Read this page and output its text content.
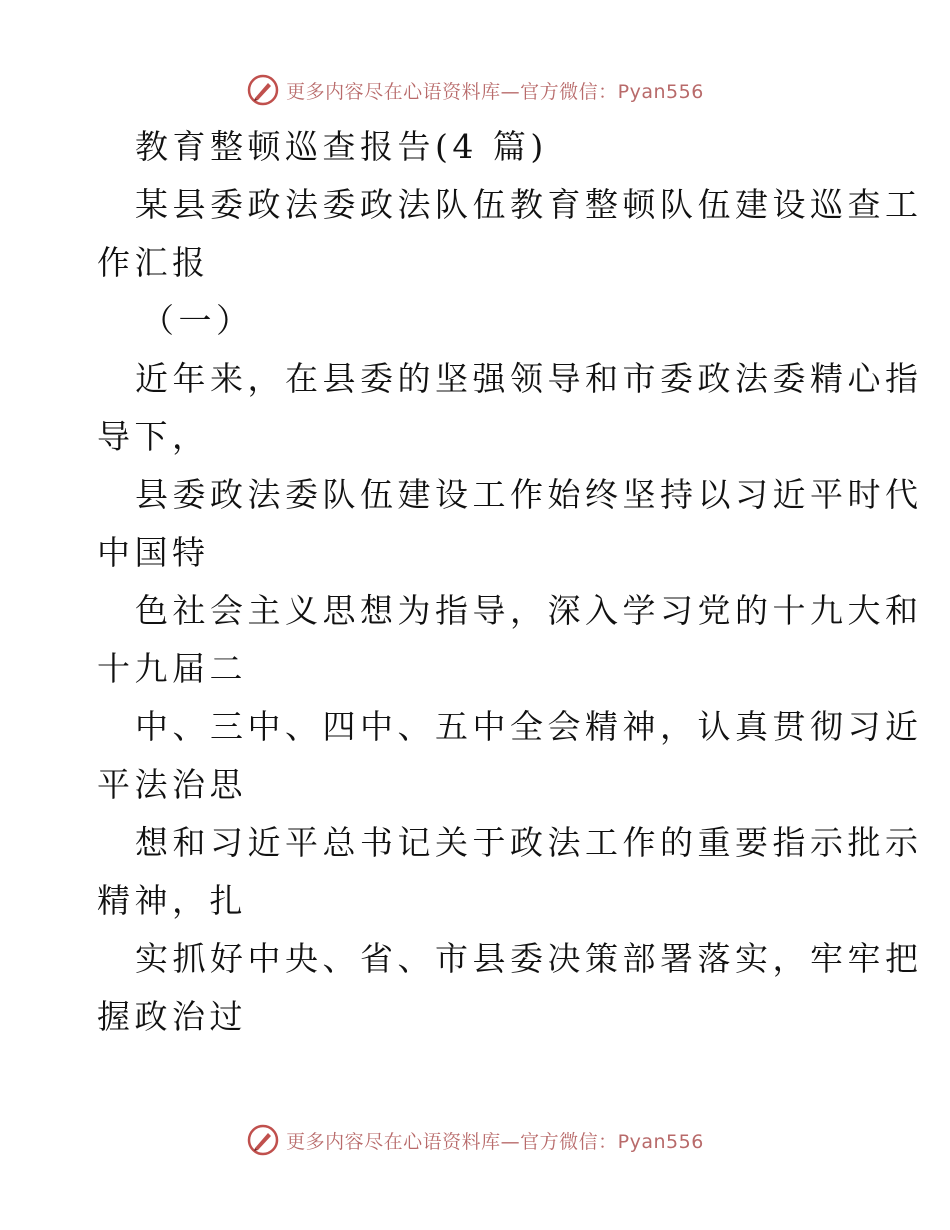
更多内容尽在心语资料库—官方微信：Pyan556
教育整顿巡查报告(4 篇)
某县委政法委政法队伍教育整顿队伍建设巡查工
作汇报
（一）
近年来，在县委的坚强领导和市委政法委精心指
导下，
县委政法委队伍建设工作始终坚持以习近平时代
中国特
色社会主义思想为指导，深入学习党的十九大和
十九届二
中、三中、四中、五中全会精神，认真贯彻习近
平法治思
想和习近平总书记关于政法工作的重要指示批示
精神，扎
实抓好中央、省、市县委决策部署落实，牢牢把
握政治过
更多内容尽在心语资料库—官方微信：Pyan556
